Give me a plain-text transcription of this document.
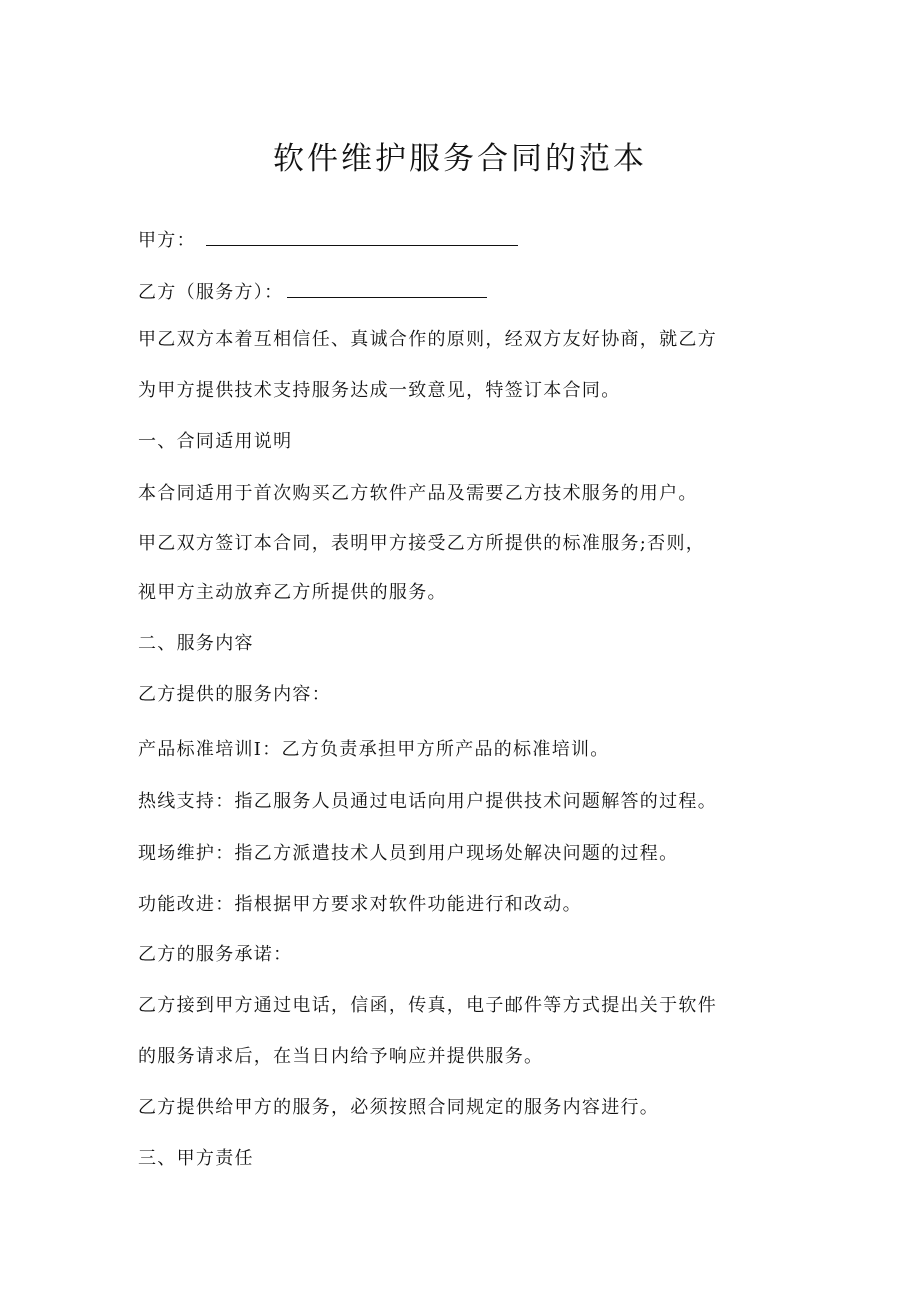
软件维护服务合同的范本
甲方：
乙方（服务方）：
甲乙双方本着互相信任、真诚合作的原则，经双方友好协商，就乙方
为甲方提供技术支持服务达成一致意见，特签订本合同。
一、合同适用说明
本合同适用于首次购买乙方软件产品及需要乙方技术服务的用户。
甲乙双方签订本合同，表明甲方接受乙方所提供的标准服务;否则，
视甲方主动放弃乙方所提供的服务。
二、服务内容
乙方提供的服务内容：
产品标准培训I：乙方负责承担甲方所产品的标准培训。
热线支持：指乙服务人员通过电话向用户提供技术问题解答的过程。
现场维护：指乙方派遣技术人员到用户现场处解决问题的过程。
功能改进：指根据甲方要求对软件功能进行和改动。
乙方的服务承诺：
乙方接到甲方通过电话，信函，传真，电子邮件等方式提出关于软件
的服务请求后，在当日内给予响应并提供服务。
乙方提供给甲方的服务，必须按照合同规定的服务内容进行。
三、甲方责任
